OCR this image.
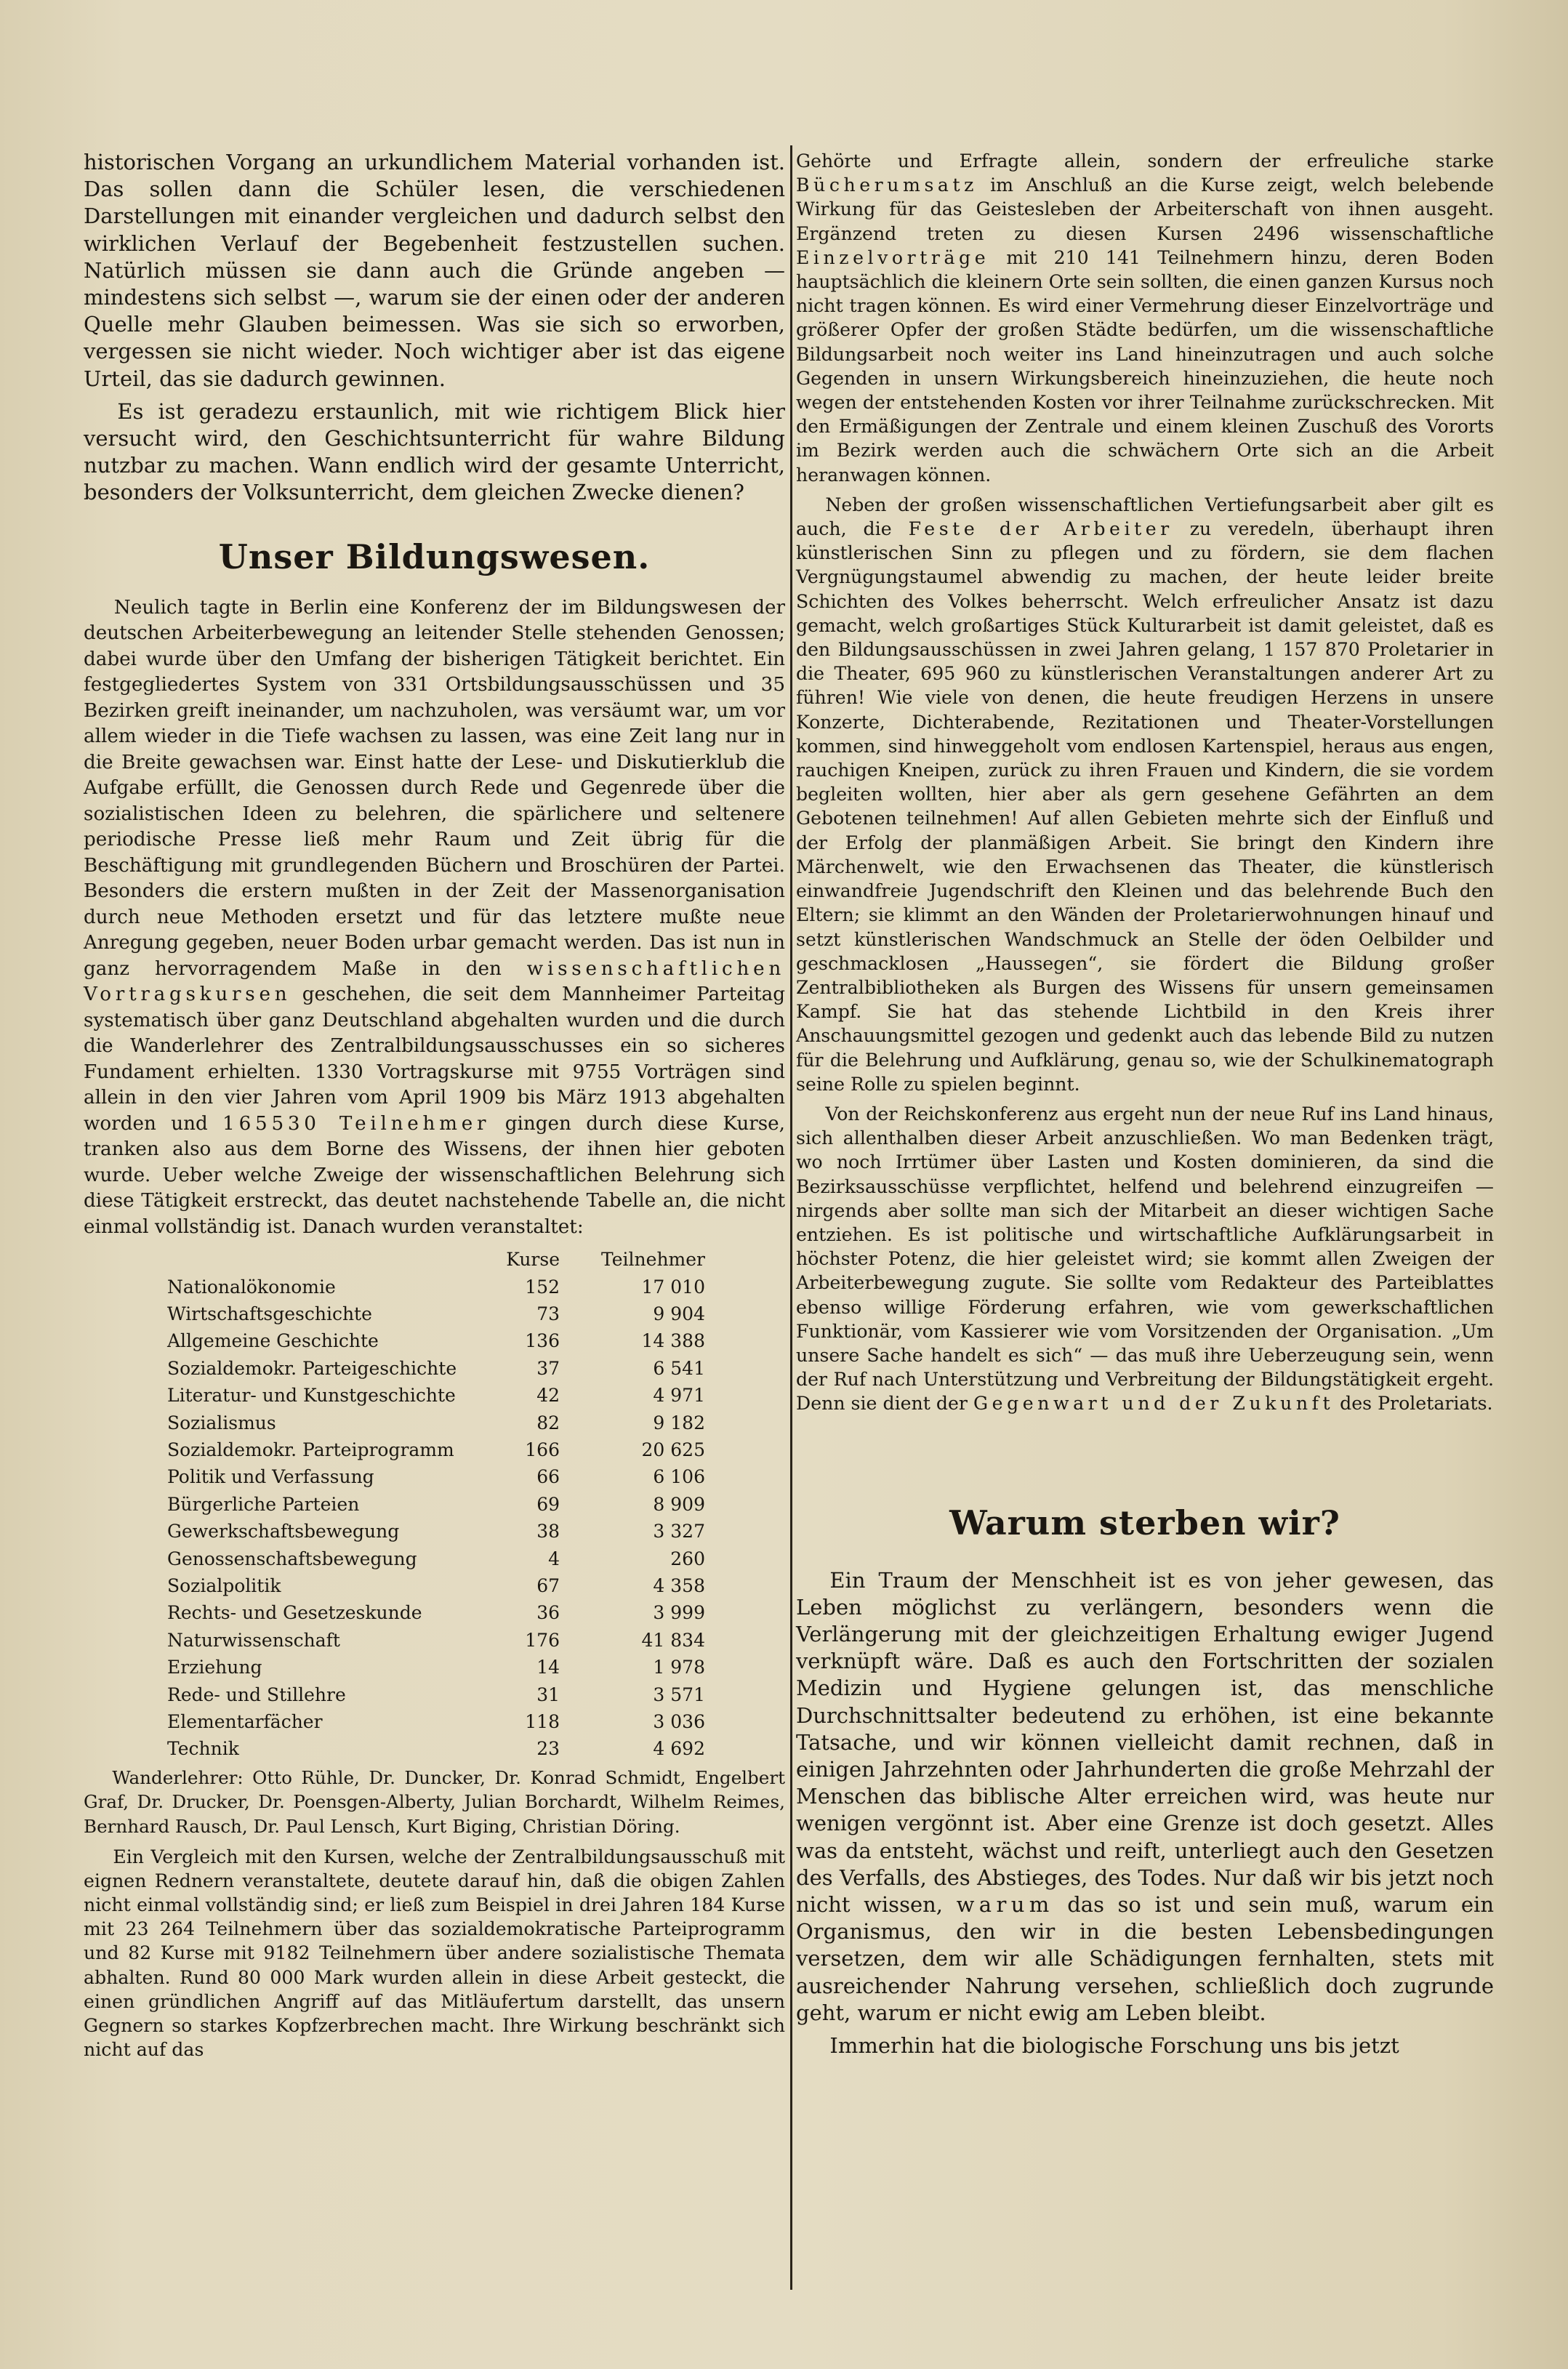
historischen Vorgang an urkundlichem Material vorhanden ist. Das sollen dann die Schüler lesen, die verschiedenen Darstellungen mit einander vergleichen und dadurch selbst den wirklichen Verlauf der Begebenheit festzustellen suchen. Natürlich müssen sie dann auch die Gründe angeben — mindestens sich selbst —, warum sie der einen oder der anderen Quelle mehr Glauben beimessen. Was sie sich so erworben, vergessen sie nicht wieder. Noch wichtiger aber ist das eigene Urteil, das sie dadurch gewinnen.

Es ist geradezu erstaunlich, mit wie richtigem Blick hier versucht wird, den Geschichtsunterricht für wahre Bildung nutzbar zu machen. Wann endlich wird der gesamte Unterricht, besonders der Volksunterricht, dem gleichen Zwecke dienen?

Unser Bildungswesen.

Neulich tagte in Berlin eine Konferenz der im Bildungswesen der deutschen Arbeiterbewegung an leitender Stelle stehenden Genossen; dabei wurde über den Umfang der bisherigen Tätigkeit berichtet. Ein festgegliedertes System von 331 Ortsbildungsausschüssen und 35 Bezirken greift ineinander, um nachzuholen, was versäumt war, um vor allem wieder in die Tiefe wachsen zu lassen, was eine Zeit lang nur in die Breite gewachsen war. Einst hatte der Lese- und Diskutierklub die Aufgabe erfüllt, die Genossen durch Rede und Gegenrede über die sozialistischen Ideen zu belehren, die spärlichere und seltenere periodische Presse ließ mehr Raum und Zeit übrig für die Beschäftigung mit grundlegenden Büchern und Broschüren der Partei. Besonders die erstern mußten in der Zeit der Massenorganisation durch neue Methoden ersetzt und für das letztere mußte neue Anregung gegeben, neuer Boden urbar gemacht werden. Das ist nun in ganz hervorragendem Maße in den wissenschaftlichen Vortragskursen geschehen, die seit dem Mannheimer Parteitag systematisch über ganz Deutschland abgehalten wurden und die durch die Wanderlehrer des Zentralbildungsausschusses ein so sicheres Fundament erhielten. 1330 Vortragskurse mit 9755 Vorträgen sind allein in den vier Jahren vom April 1909 bis März 1913 abgehalten worden und 165530 Teilnehmer gingen durch diese Kurse, tranken also aus dem Borne des Wissens, der ihnen hier geboten wurde. Ueber welche Zweige der wissenschaftlichen Belehrung sich diese Tätigkeit erstreckt, das deutet nachstehende Tabelle an, die nicht einmal vollständig ist. Danach wurden veranstaltet:

	Kurse	Teilnehmer
Nationalökonomie	152	17 010
Wirtschaftsgeschichte	73	9 904
Allgemeine Geschichte	136	14 388
Sozialdemokr. Parteigeschichte	37	6 541
Literatur- und Kunstgeschichte	42	4 971
Sozialismus	82	9 182
Sozialdemokr. Parteiprogramm	166	20 625
Politik und Verfassung	66	6 106
Bürgerliche Parteien	69	8 909
Gewerkschaftsbewegung	38	3 327
Genossenschaftsbewegung	4	260
Sozialpolitik	67	4 358
Rechts- und Gesetzeskunde	36	3 999
Naturwissenschaft	176	41 834
Erziehung	14	1 978
Rede- und Stillehre	31	3 571
Elementarfächer	118	3 036
Technik	23	4 692

Wanderlehrer: Otto Rühle, Dr. Duncker, Dr. Konrad Schmidt, Engelbert Graf, Dr. Drucker, Dr. Poensgen-Alberty, Julian Borchardt, Wilhelm Reimes, Bernhard Rausch, Dr. Paul Lensch, Kurt Biging, Christian Döring.

Ein Vergleich mit den Kursen, welche der Zentralbildungsausschuß mit eignen Rednern veranstaltete, deutete darauf hin, daß die obigen Zahlen nicht einmal vollständig sind; er ließ zum Beispiel in drei Jahren 184 Kurse mit 23 264 Teilnehmern über das sozialdemokratische Parteiprogramm und 82 Kurse mit 9182 Teilnehmern über andere sozialistische Themata abhalten. Rund 80 000 Mark wurden allein in diese Arbeit gesteckt, die einen gründlichen Angriff auf das Mitläufertum darstellt, das unsern Gegnern so starkes Kopfzerbrechen macht. Ihre Wirkung beschränkt sich nicht auf das

Gehörte und Erfragte allein, sondern der erfreuliche starke Bücherumsatz im Anschluß an die Kurse zeigt, welch belebende Wirkung für das Geistesleben der Arbeiterschaft von ihnen ausgeht. Ergänzend treten zu diesen Kursen 2496 wissenschaftliche Einzelvorträge mit 210 141 Teilnehmern hinzu, deren Boden hauptsächlich die kleinern Orte sein sollten, die einen ganzen Kursus noch nicht tragen können. Es wird einer Vermehrung dieser Einzelvorträge und größerer Opfer der großen Städte bedürfen, um die wissenschaftliche Bildungsarbeit noch weiter ins Land hineinzutragen und auch solche Gegenden in unsern Wirkungsbereich hineinzuziehen, die heute noch wegen der entstehenden Kosten vor ihrer Teilnahme zurückschrecken. Mit den Ermäßigungen der Zentrale und einem kleinen Zuschuß des Vororts im Bezirk werden auch die schwächern Orte sich an die Arbeit heranwagen können.

Neben der großen wissenschaftlichen Vertiefungsarbeit aber gilt es auch, die Feste der Arbeiter zu veredeln, überhaupt ihren künstlerischen Sinn zu pflegen und zu fördern, sie dem flachen Vergnügungstaumel abwendig zu machen, der heute leider breite Schichten des Volkes beherrscht. Welch erfreulicher Ansatz ist dazu gemacht, welch großartiges Stück Kulturarbeit ist damit geleistet, daß es den Bildungsausschüssen in zwei Jahren gelang, 1 157 870 Proletarier in die Theater, 695 960 zu künstlerischen Veranstaltungen anderer Art zu führen! Wie viele von denen, die heute freudigen Herzens in unsere Konzerte, Dichterabende, Rezitationen und Theater-Vorstellungen kommen, sind hinweggeholt vom endlosen Kartenspiel, heraus aus engen, rauchigen Kneipen, zurück zu ihren Frauen und Kindern, die sie vordem begleiten wollten, hier aber als gern gesehene Gefährten an dem Gebotenen teilnehmen! Auf allen Gebieten mehrte sich der Einfluß und der Erfolg der planmäßigen Arbeit. Sie bringt den Kindern ihre Märchenwelt, wie den Erwachsenen das Theater, die künstlerisch einwandfreie Jugendschrift den Kleinen und das belehrende Buch den Eltern; sie klimmt an den Wänden der Proletarierwohnungen hinauf und setzt künstlerischen Wandschmuck an Stelle der öden Oelbilder und geschmacklosen „Haussegen“, sie fördert die Bildung großer Zentralbibliotheken als Burgen des Wissens für unsern gemeinsamen Kampf. Sie hat das stehende Lichtbild in den Kreis ihrer Anschauungsmittel gezogen und gedenkt auch das lebende Bild zu nutzen für die Belehrung und Aufklärung, genau so, wie der Schulkinematograph seine Rolle zu spielen beginnt.

Von der Reichskonferenz aus ergeht nun der neue Ruf ins Land hinaus, sich allenthalben dieser Arbeit anzuschließen. Wo man Bedenken trägt, wo noch Irrtümer über Lasten und Kosten dominieren, da sind die Bezirksausschüsse verpflichtet, helfend und belehrend einzugreifen — nirgends aber sollte man sich der Mitarbeit an dieser wichtigen Sache entziehen. Es ist politische und wirtschaftliche Aufklärungsarbeit in höchster Potenz, die hier geleistet wird; sie kommt allen Zweigen der Arbeiterbewegung zugute. Sie sollte vom Redakteur des Parteiblattes ebenso willige Förderung erfahren, wie vom gewerkschaftlichen Funktionär, vom Kassierer wie vom Vorsitzenden der Organisation. „Um unsere Sache handelt es sich“ — das muß ihre Ueberzeugung sein, wenn der Ruf nach Unterstützung und Verbreitung der Bildungstätigkeit ergeht. Denn sie dient der Gegenwart und der Zukunft des Proletariats.

Warum sterben wir?

Ein Traum der Menschheit ist es von jeher gewesen, das Leben möglichst zu verlängern, besonders wenn die Verlängerung mit der gleichzeitigen Erhaltung ewiger Jugend verknüpft wäre. Daß es auch den Fortschritten der sozialen Medizin und Hygiene gelungen ist, das menschliche Durchschnittsalter bedeutend zu erhöhen, ist eine bekannte Tatsache, und wir können vielleicht damit rechnen, daß in einigen Jahrzehnten oder Jahrhunderten die große Mehrzahl der Menschen das biblische Alter erreichen wird, was heute nur wenigen vergönnt ist. Aber eine Grenze ist doch gesetzt. Alles was da entsteht, wächst und reift, unterliegt auch den Gesetzen des Verfalls, des Abstieges, des Todes. Nur daß wir bis jetzt noch nicht wissen, warum das so ist und sein muß, warum ein Organismus, den wir in die besten Lebensbedingungen versetzen, dem wir alle Schädigungen fernhalten, stets mit ausreichender Nahrung versehen, schließlich doch zugrunde geht, warum er nicht ewig am Leben bleibt.

Immerhin hat die biologische Forschung uns bis jetzt
